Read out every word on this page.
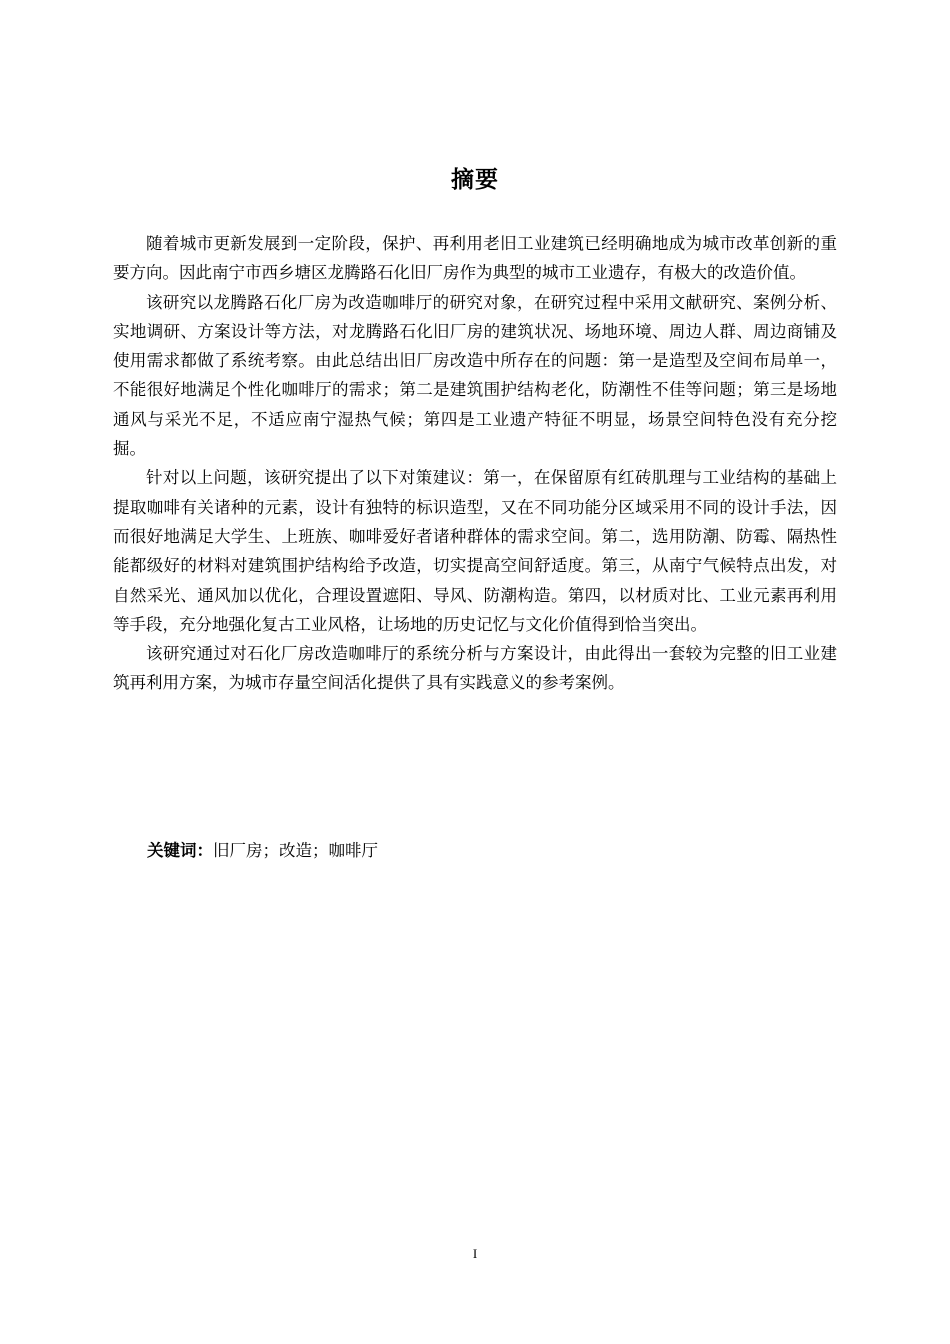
摘要

随着城市更新发展到一定阶段，保护、再利用老旧工业建筑已经明确地成为城市改革创新的重要方向。因此南宁市西乡塘区龙腾路石化旧厂房作为典型的城市工业遗存，有极大的改造价值。

该研究以龙腾路石化厂房为改造咖啡厅的研究对象，在研究过程中采用文献研究、案例分析、实地调研、方案设计等方法，对龙腾路石化旧厂房的建筑状况、场地环境、周边人群、周边商铺及使用需求都做了系统考察。由此总结出旧厂房改造中所存在的问题：第一是造型及空间布局单一，不能很好地满足个性化咖啡厅的需求；第二是建筑围护结构老化，防潮性不佳等问题；第三是场地通风与采光不足，不适应南宁湿热气候；第四是工业遗产特征不明显，场景空间特色没有充分挖掘。

针对以上问题，该研究提出了以下对策建议：第一，在保留原有红砖肌理与工业结构的基础上提取咖啡有关诸种的元素，设计有独特的标识造型，又在不同功能分区域采用不同的设计手法，因而很好地满足大学生、上班族、咖啡爱好者诸种群体的需求空间。第二，选用防潮、防霉、隔热性能都级好的材料对建筑围护结构给予改造，切实提高空间舒适度。第三，从南宁气候特点出发，对自然采光、通风加以优化，合理设置遮阳、导风、防潮构造。第四，以材质对比、工业元素再利用等手段，充分地强化复古工业风格，让场地的历史记忆与文化价值得到恰当突出。

该研究通过对石化厂房改造咖啡厅的系统分析与方案设计，由此得出一套较为完整的旧工业建筑再利用方案，为城市存量空间活化提供了具有实践意义的参考案例。

关键词：旧厂房；改造；咖啡厅
I
